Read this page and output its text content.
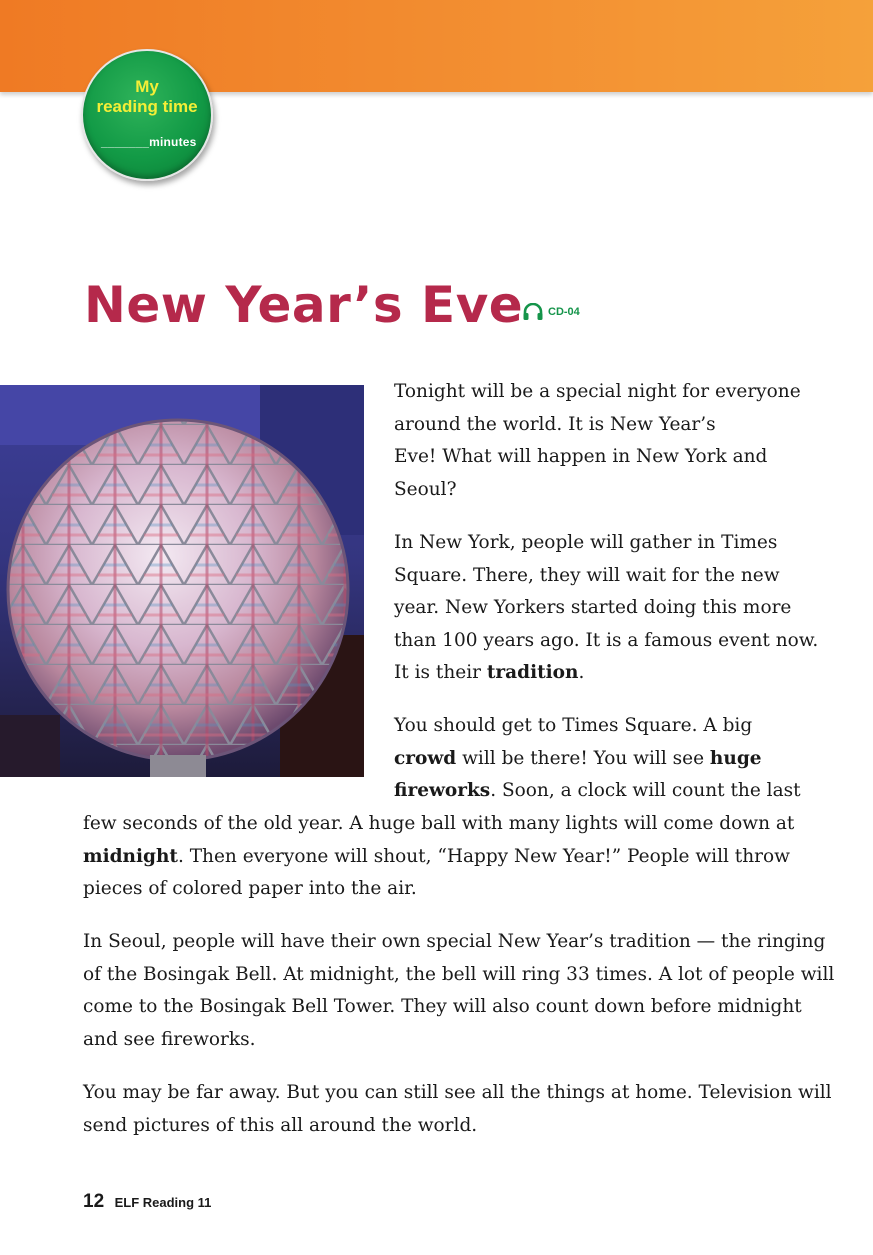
My
reading time
_______minutes
New Year’s Eve CD-04
Tonight will be a special night for everyone
around the world. It is New Year’s
Eve! What will happen in New York and
Seoul?
In New York, people will gather in Times
Square. There, they will wait for the new
year. New Yorkers started doing this more
than 100 years ago. It is a famous event now.
It is their tradition.
You should get to Times Square. A big
crowd will be there! You will see huge
fireworks. Soon, a clock will count the last
few seconds of the old year. A huge ball with many lights will come down at
midnight. Then everyone will shout, “Happy New Year!” People will throw
pieces of colored paper into the air.
In Seoul, people will have their own special New Year’s tradition — the ringing
of the Bosingak Bell. At midnight, the bell will ring 33 times. A lot of people will
come to the Bosingak Bell Tower. They will also count down before midnight
and see fireworks.
You may be far away. But you can still see all the things at home. Television will
send pictures of this all around the world.
12 ELF Reading 11
